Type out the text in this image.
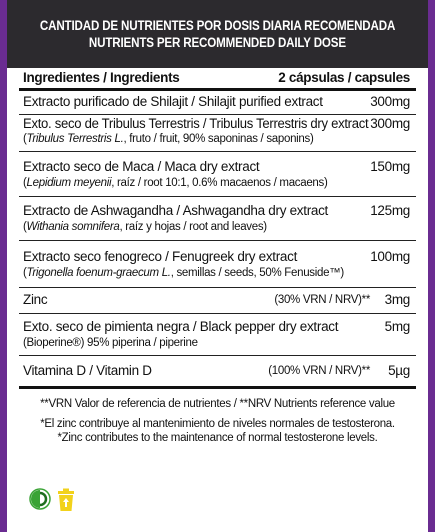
CANTIDAD DE NUTRIENTES POR DOSIS DIARIA RECOMENDADA
NUTRIENTS PER RECOMMENDED DAILY DOSE
Ingredientes / Ingredients	2 cápsulas / capsules
Extracto purificado de Shilajit / Shilajit purified extract	300mg
Exto. seco de Tribulus Terrestris / Tribulus Terrestris dry extract 300mg
(Tribulus Terrestris L., fruto / fruit, 90% saponinas / saponins)
Extracto seco de Maca / Maca dry extract	150mg
(Lepidium meyenii, raíz / root 10:1, 0.6% macaenos / macaens)
Extracto de Ashwagandha / Ashwagandha dry extract	125mg
(Withania somnifera, raíz y hojas / root and leaves)
Extracto seco fenogreco / Fenugreek dry extract	100mg
(Trigonella foenum-graecum L., semillas / seeds, 50% Fenuside™)
Zinc	(30% VRN / NRV)** 3mg
Exto. seco de pimienta negra / Black pepper dry extract	5mg
(Bioperine®) 95% piperina / piperine
Vitamina D / Vitamin D	(100% VRN / NRV)** 5µg
**VRN Valor de referencia de nutrientes / **NRV Nutrients reference value
*El zinc contribuye al mantenimiento de niveles normales de testosterona.
*Zinc contributes to the maintenance of normal testosterone levels.
